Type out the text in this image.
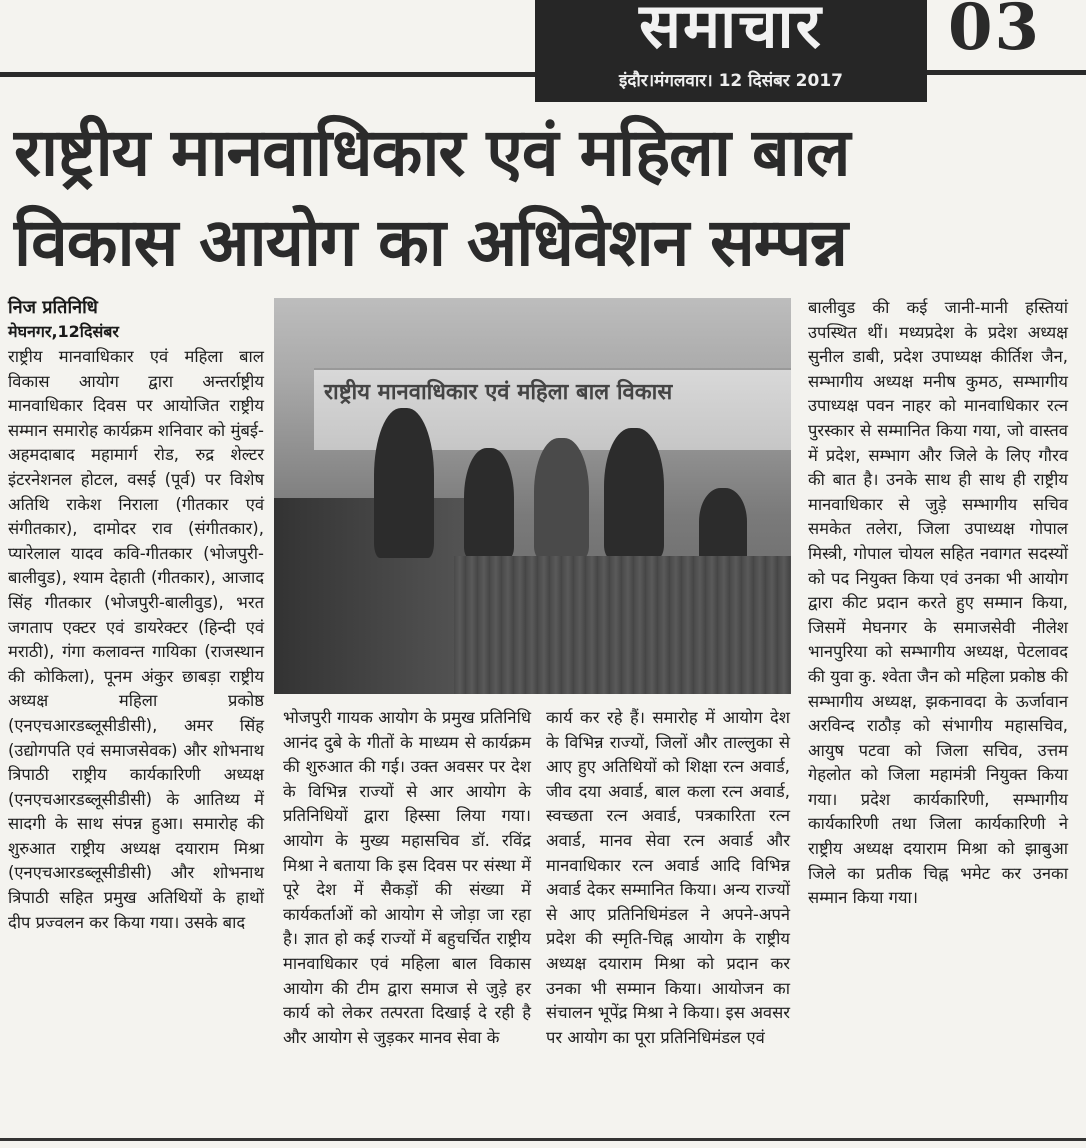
समाचार
इंदौर।मंगलवार। 12 दिसंबर 2017
03
राष्ट्रीय मानवाधिकार एवं महिला बाल
विकास आयोग का अधिवेशन सम्पन्न
निज प्रतिनिधि
मेघनगर,12दिसंबर

राष्ट्रीय मानवाधिकार एवं महिला बाल विकास आयोग द्वारा अन्तर्राष्ट्रीय मानवाधिकार दिवस पर आयोजित राष्ट्रीय सम्मान समारोह कार्यक्रम शनिवार को मुंबई-अहमदाबाद महामार्ग रोड, रुद्र शेल्टर इंटरनेशनल होटल, वसई (पूर्व) पर विशेष अतिथि राकेश निराला (गीतकार एवं संगीतकार), दामोदर राव (संगीतकार), प्यारेलाल यादव कवि-गीतकार (भोजपुरी-बालीवुड), श्याम देहाती (गीतकार), आजाद सिंह गीतकार (भोजपुरी-बालीवुड), भरत जगताप एक्टर एवं डायरेक्टर (हिन्दी एवं मराठी), गंगा कलावन्त गायिका (राजस्थान की कोकिला), पूनम अंकुर छाबड़ा राष्ट्रीय अध्यक्ष महिला प्रकोष्ठ (एनएचआरडब्लूसीडीसी), अमर सिंह (उद्योगपति एवं समाजसेवक) और शोभनाथ त्रिपाठी राष्ट्रीय कार्यकारिणी अध्यक्ष (एनएचआरडब्लूसीडीसी) के आतिथ्य में सादगी के साथ संपन्न हुआ। समारोह की शुरुआत राष्ट्रीय अध्यक्ष दयाराम मिश्रा (एनएचआरडब्लूसीडीसी) और शोभनाथ त्रिपाठी सहित प्रमुख अतिथियों के हाथों दीप प्रज्वलन कर किया गया। उसके बाद

राष्ट्रीय मानवाधिकार एवं महिला बाल विकास

भोजपुरी गायक आयोग के प्रमुख प्रतिनिधि आनंद दुबे के गीतों के माध्यम से कार्यक्रम की शुरुआत की गई। उक्त अवसर पर देश के विभिन्न राज्यों से आर आयोग के प्रतिनिधियों द्वारा हिस्सा लिया गया। आयोग के मुख्य महासचिव डॉ. रविंद्र मिश्रा ने बताया कि इस दिवस पर संस्था में पूरे देश में सैकड़ों की संख्या में कार्यकर्ताओं को आयोग से जोड़ा जा रहा है। ज्ञात हो कई राज्यों में बहुचर्चित राष्ट्रीय मानवाधिकार एवं महिला बाल विकास आयोग की टीम द्वारा समाज से जुड़े हर कार्य को लेकर तत्परता दिखाई दे रही है और आयोग से जुड़कर मानव सेवा के

कार्य कर रहे हैं। समारोह में आयोग देश के विभिन्न राज्यों, जिलों और ताल्लुका से आए हुए अतिथियों को शिक्षा रत्न अवार्ड, जीव दया अवार्ड, बाल कला रत्न अवार्ड, स्वच्छता रत्न अवार्ड, पत्रकारिता रत्न अवार्ड, मानव सेवा रत्न अवार्ड और मानवाधिकार रत्न अवार्ड आदि विभिन्न अवार्ड देकर सम्मानित किया। अन्य राज्यों से आए प्रतिनिधिमंडल ने अपने-अपने प्रदेश की स्मृति-चिह्न आयोग के राष्ट्रीय अध्यक्ष दयाराम मिश्रा को प्रदान कर उनका भी सम्मान किया। आयोजन का संचालन भूपेंद्र मिश्रा ने किया। इस अवसर पर आयोग का पूरा प्रतिनिधिमंडल एवं

बालीवुड की कई जानी-मानी हस्तियां उपस्थित थीं। मध्यप्रदेश के प्रदेश अध्यक्ष सुनील डाबी, प्रदेश उपाध्यक्ष कीर्तिश जैन, सम्भागीय अध्यक्ष मनीष कुमठ, सम्भागीय उपाध्यक्ष पवन नाहर को मानवाधिकार रत्न पुरस्कार से सम्मानित किया गया, जो वास्तव में प्रदेश, सम्भाग और जिले के लिए गौरव की बात है। उनके साथ ही साथ ही राष्ट्रीय मानवाधिकार से जुड़े सम्भागीय सचिव समकेत तलेरा, जिला उपाध्यक्ष गोपाल मिस्त्री, गोपाल चोयल सहित नवागत सदस्यों को पद नियुक्त किया एवं उनका भी आयोग द्वारा कीट प्रदान करते हुए सम्मान किया, जिसमें मेघनगर के समाजसेवी नीलेश भानपुरिया को सम्भागीय अध्यक्ष, पेटलावद की युवा कु. श्वेता जैन को महिला प्रकोष्ठ की सम्भागीय अध्यक्ष, झकनावदा के ऊर्जावान अरविन्द राठौड़ को संभागीय महासचिव, आयुष पटवा को जिला सचिव, उत्तम गेहलोत को जिला महामंत्री नियुक्त किया गया। प्रदेश कार्यकारिणी, सम्भागीय कार्यकारिणी तथा जिला कार्यकारिणी ने राष्ट्रीय अध्यक्ष दयाराम मिश्रा को झाबुआ जिले का प्रतीक चिह्न भमेट कर उनका सम्मान किया गया।
